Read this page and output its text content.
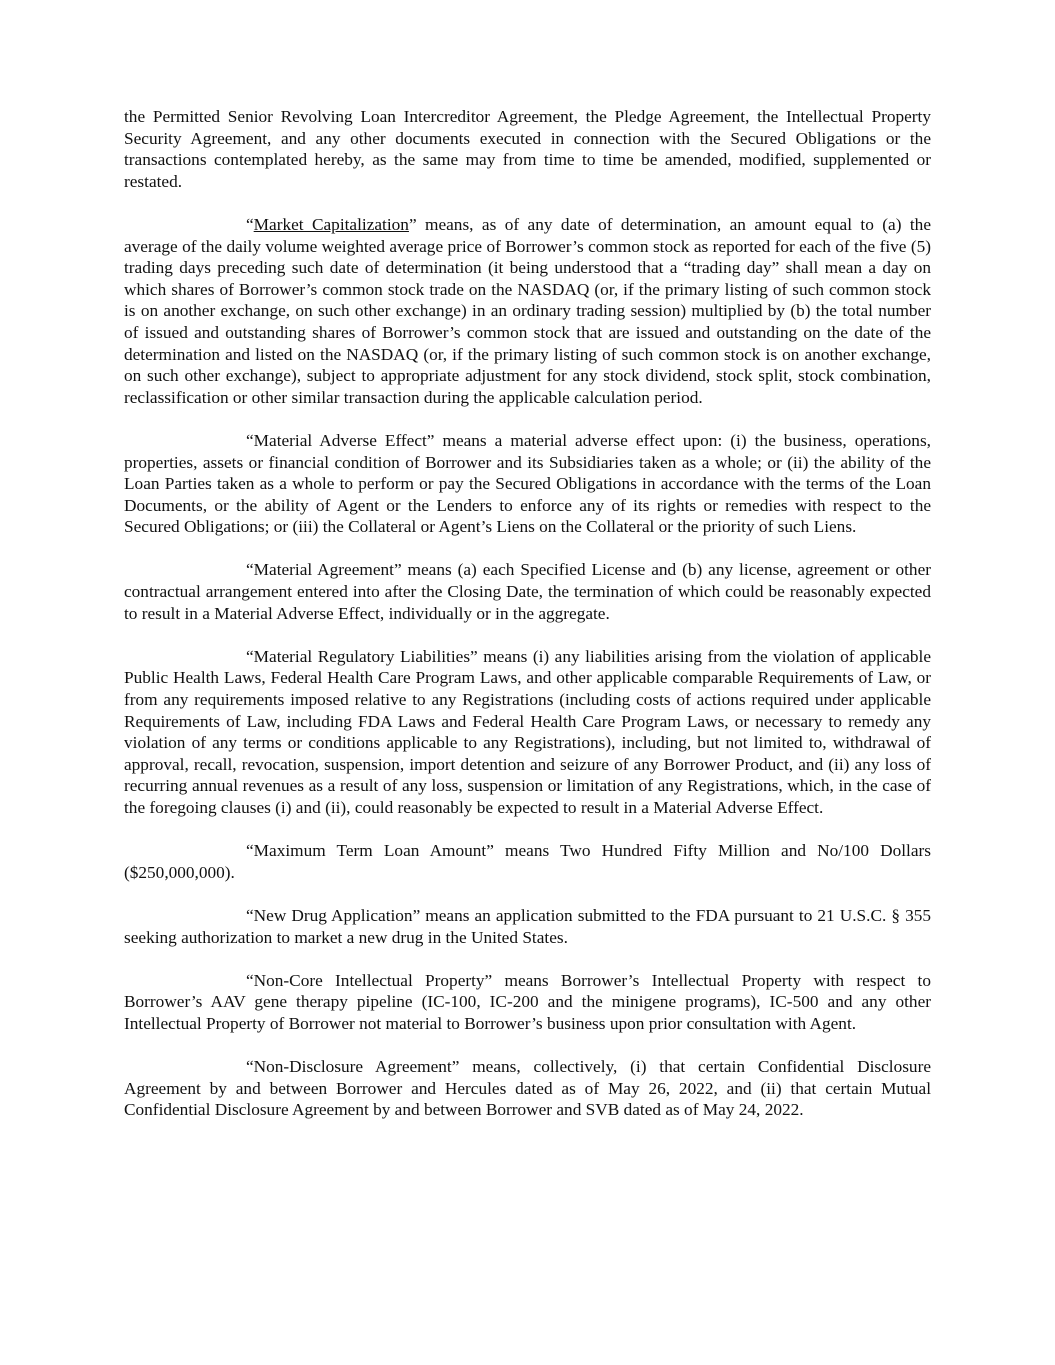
the Permitted Senior Revolving Loan Intercreditor Agreement, the Pledge Agreement, the Intellectual Property Security Agreement, and any other documents executed in connection with the Secured Obligations or the transactions contemplated hereby, as the same may from time to time be amended, modified, supplemented or restated.

“Market Capitalization” means, as of any date of determination, an amount equal to (a) the average of the daily volume weighted average price of Borrower’s common stock as reported for each of the five (5) trading days preceding such date of determination (it being understood that a “trading day” shall mean a day on which shares of Borrower’s common stock trade on the NASDAQ (or, if the primary listing of such common stock is on another exchange, on such other exchange) in an ordinary trading session) multiplied by (b) the total number of issued and outstanding shares of Borrower’s common stock that are issued and outstanding on the date of the determination and listed on the NASDAQ (or, if the primary listing of such common stock is on another exchange, on such other exchange), subject to appropriate adjustment for any stock dividend, stock split, stock combination, reclassification or other similar transaction during the applicable calculation period.

“Material Adverse Effect” means a material adverse effect upon: (i) the business, operations, properties, assets or financial condition of Borrower and its Subsidiaries taken as a whole; or (ii) the ability of the Loan Parties taken as a whole to perform or pay the Secured Obligations in accordance with the terms of the Loan Documents, or the ability of Agent or the Lenders to enforce any of its rights or remedies with respect to the Secured Obligations; or (iii) the Collateral or Agent’s Liens on the Collateral or the priority of such Liens.

“Material Agreement” means (a) each Specified License and (b) any license, agreement or other contractual arrangement entered into after the Closing Date, the termination of which could be reasonably expected to result in a Material Adverse Effect, individually or in the aggregate.

“Material Regulatory Liabilities” means (i) any liabilities arising from the violation of applicable Public Health Laws, Federal Health Care Program Laws, and other applicable comparable Requirements of Law, or from any requirements imposed relative to any Registrations (including costs of actions required under applicable Requirements of Law, including FDA Laws and Federal Health Care Program Laws, or necessary to remedy any violation of any terms or conditions applicable to any Registrations), including, but not limited to, withdrawal of approval, recall, revocation, suspension, import detention and seizure of any Borrower Product, and (ii) any loss of recurring annual revenues as a result of any loss, suspension or limitation of any Registrations, which, in the case of the foregoing clauses (i) and (ii), could reasonably be expected to result in a Material Adverse Effect.

“Maximum Term Loan Amount” means Two Hundred Fifty Million and No/100 Dollars ($250,000,000).

“New Drug Application” means an application submitted to the FDA pursuant to 21 U.S.C. § 355 seeking authorization to market a new drug in the United States.

“Non-Core Intellectual Property” means Borrower’s Intellectual Property with respect to Borrower’s AAV gene therapy pipeline (IC-100, IC-200 and the minigene programs), IC-500 and any other Intellectual Property of Borrower not material to Borrower’s business upon prior consultation with Agent.

“Non-Disclosure Agreement” means, collectively, (i) that certain Confidential Disclosure Agreement by and between Borrower and Hercules dated as of May 26, 2022, and (ii) that certain Mutual Confidential Disclosure Agreement by and between Borrower and SVB dated as of May 24, 2022.
